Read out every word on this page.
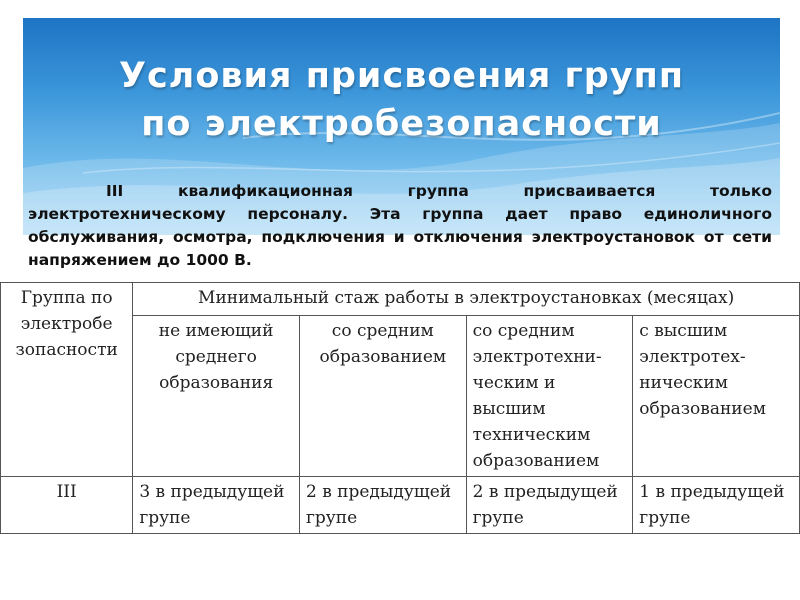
Условия присвоения групп
по электробезопасности

III квалификационная группа присваивается только электротехническому персоналу. Эта группа дает право единоличного обслуживания, осмотра, подключения и отключения электроустановок от сети напряжением до 1000 В.

Группа по электробе зопасности	Минимальный стаж работы в электроустановках (месяцах)			
	не имеющий среднего образования	со средним образованием	со средним электротехни-ческим и высшим техническим образованием	с высшим электротех-ническим образованием
III	3 в предыдущей групе	2 в предыдущей групе	2 в предыдущей групе	1 в предыдущей групе
